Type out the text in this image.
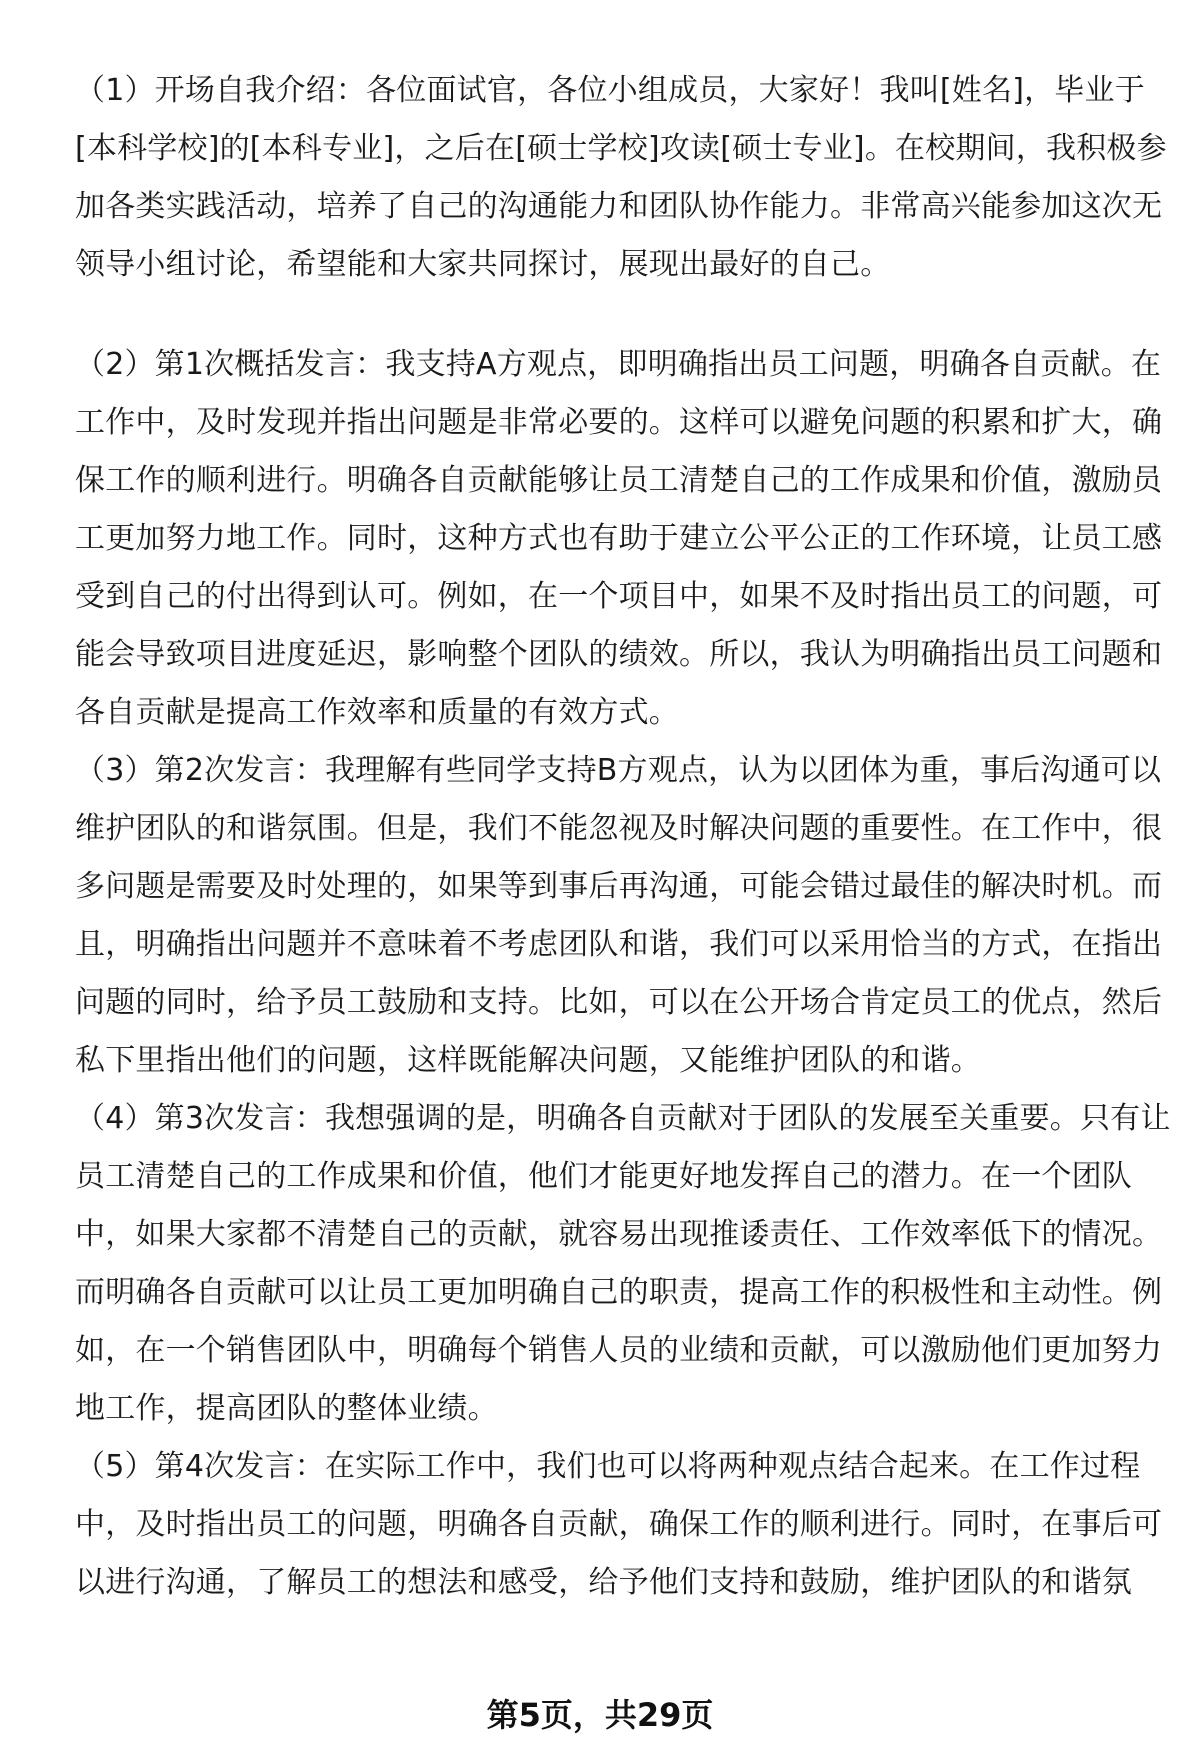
（1）开场自我介绍：各位面试官，各位小组成员，大家好！我叫[姓名]，毕业于
[本科学校]的[本科专业]，之后在[硕士学校]攻读[硕士专业]。在校期间，我积极参
加各类实践活动，培养了自己的沟通能力和团队协作能力。非常高兴能参加这次无
领导小组讨论，希望能和大家共同探讨，展现出最好的自己。
（2）第1次概括发言：我支持A方观点，即明确指出员工问题，明确各自贡献。在
工作中，及时发现并指出问题是非常必要的。这样可以避免问题的积累和扩大，确
保工作的顺利进行。明确各自贡献能够让员工清楚自己的工作成果和价值，激励员
工更加努力地工作。同时，这种方式也有助于建立公平公正的工作环境，让员工感
受到自己的付出得到认可。例如，在一个项目中，如果不及时指出员工的问题，可
能会导致项目进度延迟，影响整个团队的绩效。所以，我认为明确指出员工问题和
各自贡献是提高工作效率和质量的有效方式。
（3）第2次发言：我理解有些同学支持B方观点，认为以团体为重，事后沟通可以
维护团队的和谐氛围。但是，我们不能忽视及时解决问题的重要性。在工作中，很
多问题是需要及时处理的，如果等到事后再沟通，可能会错过最佳的解决时机。而
且，明确指出问题并不意味着不考虑团队和谐，我们可以采用恰当的方式，在指出
问题的同时，给予员工鼓励和支持。比如，可以在公开场合肯定员工的优点，然后
私下里指出他们的问题，这样既能解决问题，又能维护团队的和谐。
（4）第3次发言：我想强调的是，明确各自贡献对于团队的发展至关重要。只有让
员工清楚自己的工作成果和价值，他们才能更好地发挥自己的潜力。在一个团队
中，如果大家都不清楚自己的贡献，就容易出现推诿责任、工作效率低下的情况。
而明确各自贡献可以让员工更加明确自己的职责，提高工作的积极性和主动性。例
如，在一个销售团队中，明确每个销售人员的业绩和贡献，可以激励他们更加努力
地工作，提高团队的整体业绩。
（5）第4次发言：在实际工作中，我们也可以将两种观点结合起来。在工作过程
中，及时指出员工的问题，明确各自贡献，确保工作的顺利进行。同时，在事后可
以进行沟通，了解员工的想法和感受，给予他们支持和鼓励，维护团队的和谐氛
第5页，共29页
